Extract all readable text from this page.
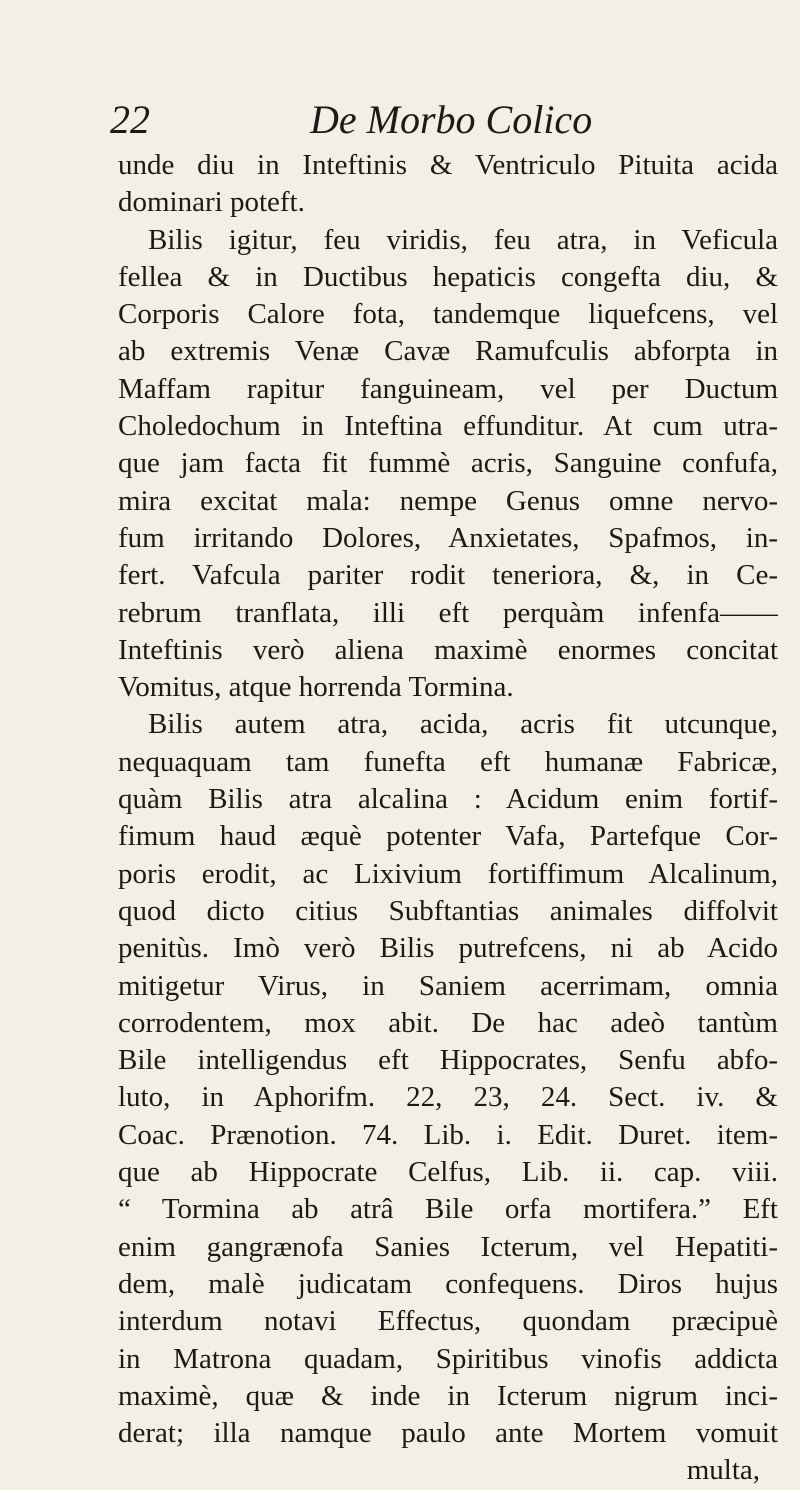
22	De Morbo Colico
unde diu in Inteftinis & Ventriculo Pituita acida
dominari poteft.
Bilis igitur, feu viridis, feu atra, in Veficula
fellea & in Ductibus hepaticis congefta diu, &
Corporis Calore fota, tandemque liquefcens, vel
ab extremis Venæ Cavæ Ramufculis abforpta in
Maffam rapitur fanguineam, vel per Ductum
Choledochum in Inteftina effunditur. At cum utra-
que jam facta fit fummè acris, Sanguine confufa,
mira excitat mala: nempe Genus omne nervo-
fum irritando Dolores, Anxietates, Spafmos, in-
fert. Vafcula pariter rodit teneriora, &, in Ce-
rebrum tranflata, illi eft perquàm infenfa——
Inteftinis verò aliena maximè enormes concitat
Vomitus, atque horrenda Tormina.
Bilis autem atra, acida, acris fit utcunque,
nequaquam tam funefta eft humanæ Fabricæ,
quàm Bilis atra alcalina : Acidum enim fortif-
fimum haud æquè potenter Vafa, Partefque Cor-
poris erodit, ac Lixivium fortiffimum Alcalinum,
quod dicto citius Subftantias animales diffolvit
penitùs. Imò verò Bilis putrefcens, ni ab Acido
mitigetur Virus, in Saniem acerrimam, omnia
corrodentem, mox abit. De hac adeò tantùm
Bile intelligendus eft Hippocrates, Senfu abfo-
luto, in Aphorifm. 22, 23, 24. Sect. iv. &
Coac. Prænotion. 74. Lib. i. Edit. Duret. item-
que ab Hippocrate Celfus, Lib. ii. cap. viii.
“ Tormina ab atrâ Bile orfa mortifera.” Eft
enim gangrænofa Sanies Icterum, vel Hepatiti-
dem, malè judicatam confequens. Diros hujus
interdum notavi Effectus, quondam præcipuè
in Matrona quadam, Spiritibus vinofis addicta
maximè, quæ & inde in Icterum nigrum inci-
derat; illa namque paulo ante Mortem vomuit
multa,
